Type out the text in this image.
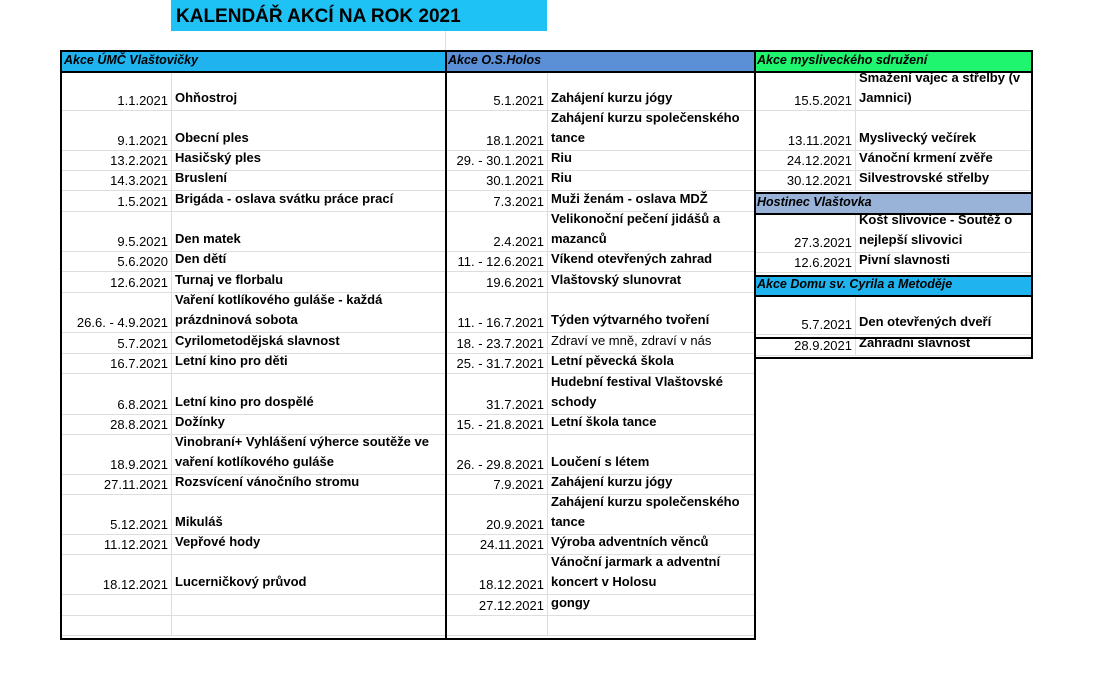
KALENDÁŘ AKCÍ NA ROK 2021
Akce ÚMČ Vlaštovičky
1.1.2021 Ohňostroj
9.1.2021 Obecní ples
13.2.2021 Hasičský ples
14.3.2021 Bruslení
1.5.2021 Brigáda - oslava svátku práce prací
9.5.2021 Den matek
5.6.2020 Den dětí
12.6.2021 Turnaj ve florbalu
26.6. - 4.9.2021
Vaření kotlíkového guláše - každá prázdninová sobota
5.7.2021 Cyrilometodějská slavnost
16.7.2021 Letní kino pro děti
6.8.2021 Letní kino pro dospělé
28.8.2021 Dožínky
18.9.2021
Vinobraní+ Vyhlášení výherce soutěže ve vaření kotlíkového guláše
27.11.2021 Rozsvícení vánočního stromu
5.12.2021 Mikuláš
11.12.2021 Vepřové hody
18.12.2021 Lucerničkový průvod
Akce O.S.Holos
5.1.2021 Zahájení kurzu jógy
18.1.2021
Zahájení kurzu společenského tance
29. - 30.1.2021 Riu
30.1.2021 Riu
7.3.2021 Muži ženám - oslava MDŽ
2.4.2021
Velikonoční pečení jidášů a mazanců
11. - 12.6.2021 Víkend otevřených zahrad
19.6.2021 Vlaštovský slunovrat
11. - 16.7.2021 Týden výtvarného tvoření
18. - 23.7.2021 Zdraví ve mně, zdraví v nás
25. - 31.7.2021 Letní pěvecká škola
31.7.2021
Hudební festival Vlaštovské schody
15. - 21.8.2021 Letní škola tance
26. - 29.8.2021 Loučení s létem
7.9.2021 Zahájení kurzu jógy
20.9.2021
Zahájení kurzu společenského tance
24.11.2021 Výroba adventních věnců
18.12.2021
Vánoční jarmark a adventní koncert v Holosu
27.12.2021 gongy
Akce mysliveckého sdružení
15.5.2021
Smažení vajec a střelby (v Jamnici)
13.11.2021 Myslivecký večírek
24.12.2021 Vánoční krmení zvěře
30.12.2021 Silvestrovské střelby
Hostinec Vlaštovka
27.3.2021
Košt slivovice - Soutěž o nejlepší slivovici
12.6.2021 Pivní slavnosti
Akce Domu sv. Cyrila a Metoděje
5.7.2021 Den otevřených dveří
28.9.2021 Zahradní slavnost
